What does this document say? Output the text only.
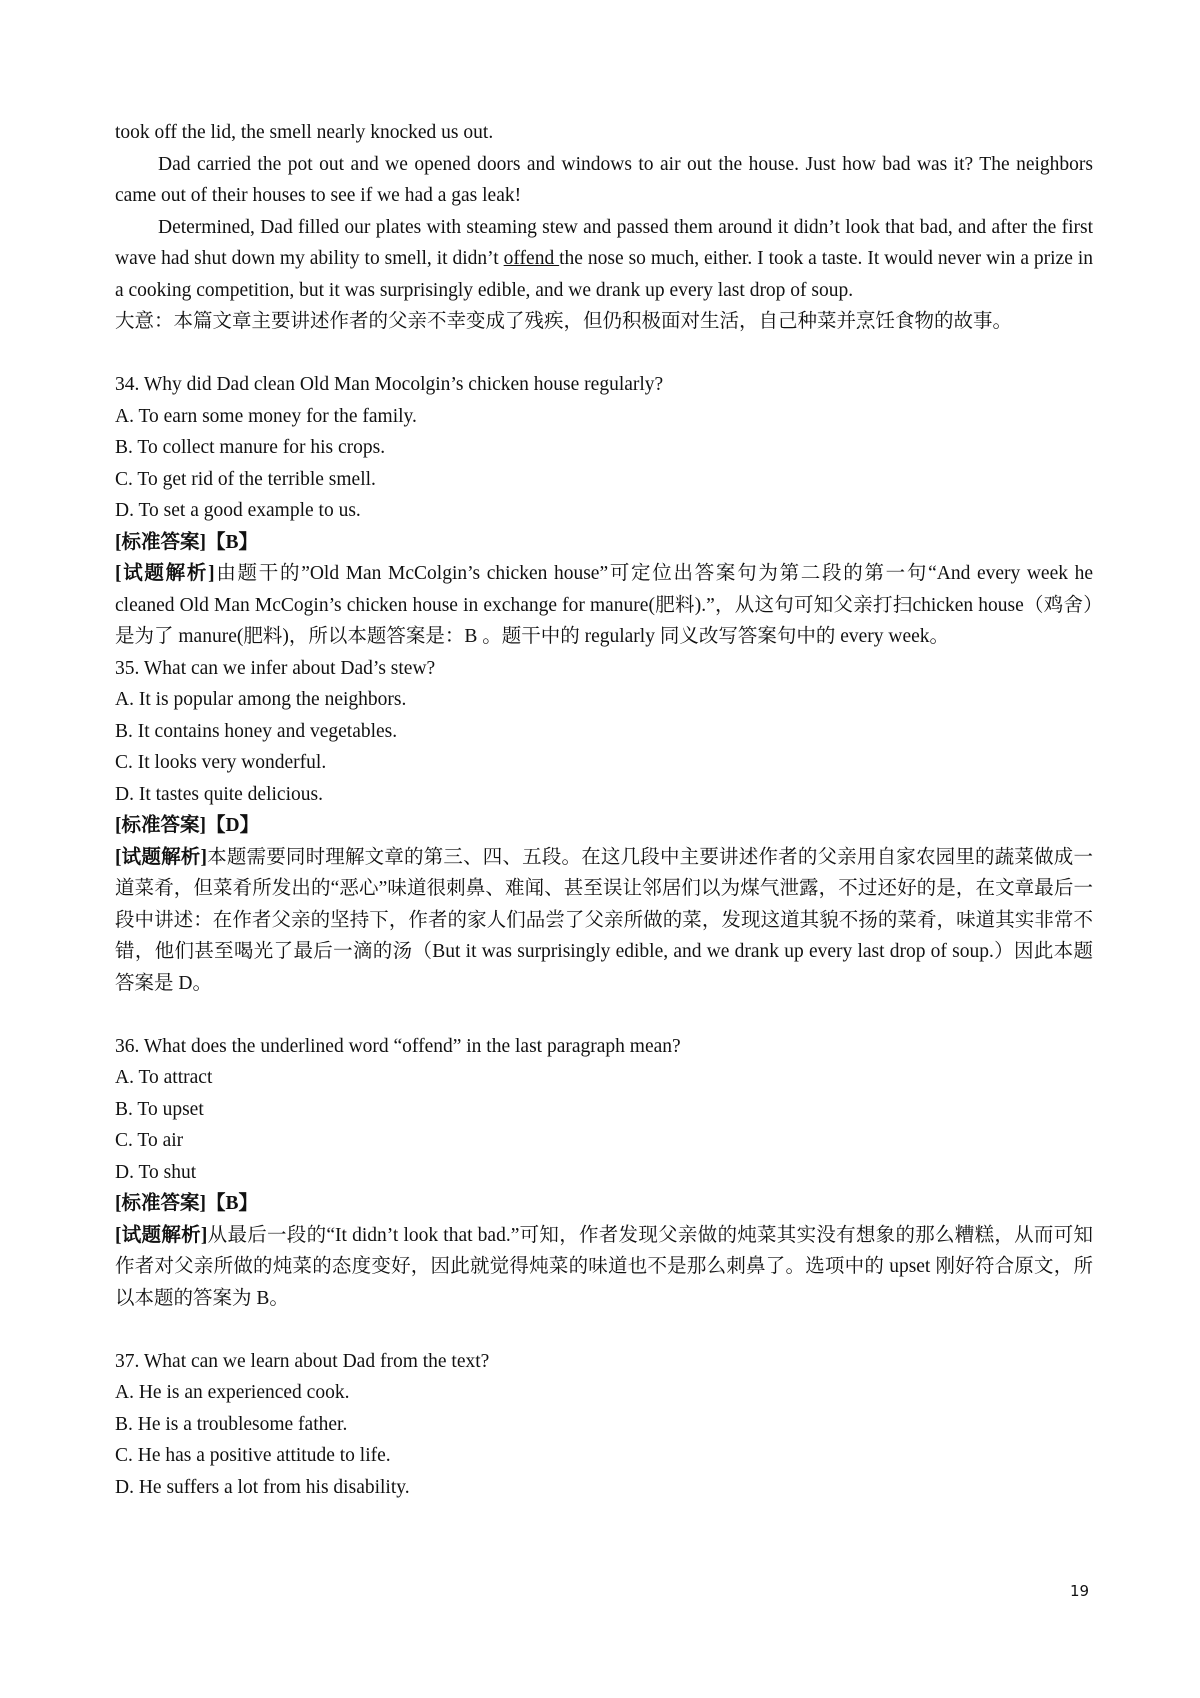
took off the lid, the smell nearly knocked us out.

Dad carried the pot out and we opened doors and windows to air out the house. Just how bad was it? The neighbors came out of their houses to see if we had a gas leak!

Determined, Dad filled our plates with steaming stew and passed them around it didn’t look that bad, and after the first wave had shut down my ability to smell, it didn’t offend the nose so much, either. I took a taste. It would never win a prize in a cooking competition, but it was surprisingly edible, and we drank up every last drop of soup.

大意：本篇文章主要讲述作者的父亲不幸变成了残疾，但仍积极面对生活，自己种菜并烹饪食物的故事。

34. Why did Dad clean Old Man Mocolgin’s chicken house regularly?

A. To earn some money for the family.

B. To collect manure for his crops.

C. To get rid of the terrible smell.

D. To set a good example to us.

[标准答案]【B】

[试题解析]由题干的”Old Man McColgin’s chicken house”可定位出答案句为第二段的第一句“And every week he cleaned Old Man McCogin’s chicken house in exchange for manure(肥料).”，从这句可知父亲打扫chicken house（鸡舍）是为了 manure(肥料)，所以本题答案是：B 。题干中的 regularly 同义改写答案句中的 every week。

35. What can we infer about Dad’s stew?

A. It is popular among the neighbors.

B. It contains honey and vegetables.

C. It looks very wonderful.

D. It tastes quite delicious.

[标准答案]【D】

[试题解析]本题需要同时理解文章的第三、四、五段。在这几段中主要讲述作者的父亲用自家农园里的蔬菜做成一道菜肴，但菜肴所发出的“恶心”味道很刺鼻、难闻、甚至误让邻居们以为煤气泄露，不过还好的是，在文章最后一段中讲述：在作者父亲的坚持下，作者的家人们品尝了父亲所做的菜，发现这道其貌不扬的菜肴，味道其实非常不错，他们甚至喝光了最后一滴的汤（But it was surprisingly edible, and we drank up every last drop of soup.）因此本题答案是 D。

36. What does the underlined word “offend” in the last paragraph mean?

A. To attract

B. To upset

C. To air

D. To shut

[标准答案]【B】

[试题解析]从最后一段的“It didn’t look that bad.”可知，作者发现父亲做的炖菜其实没有想象的那么糟糕，从而可知作者对父亲所做的炖菜的态度变好，因此就觉得炖菜的味道也不是那么刺鼻了。选项中的 upset 刚好符合原文，所以本题的答案为 B。

37. What can we learn about Dad from the text?

A. He is an experienced cook.

B. He is a troublesome father.

C. He has a positive attitude to life.

D. He suffers a lot from his disability.

19
